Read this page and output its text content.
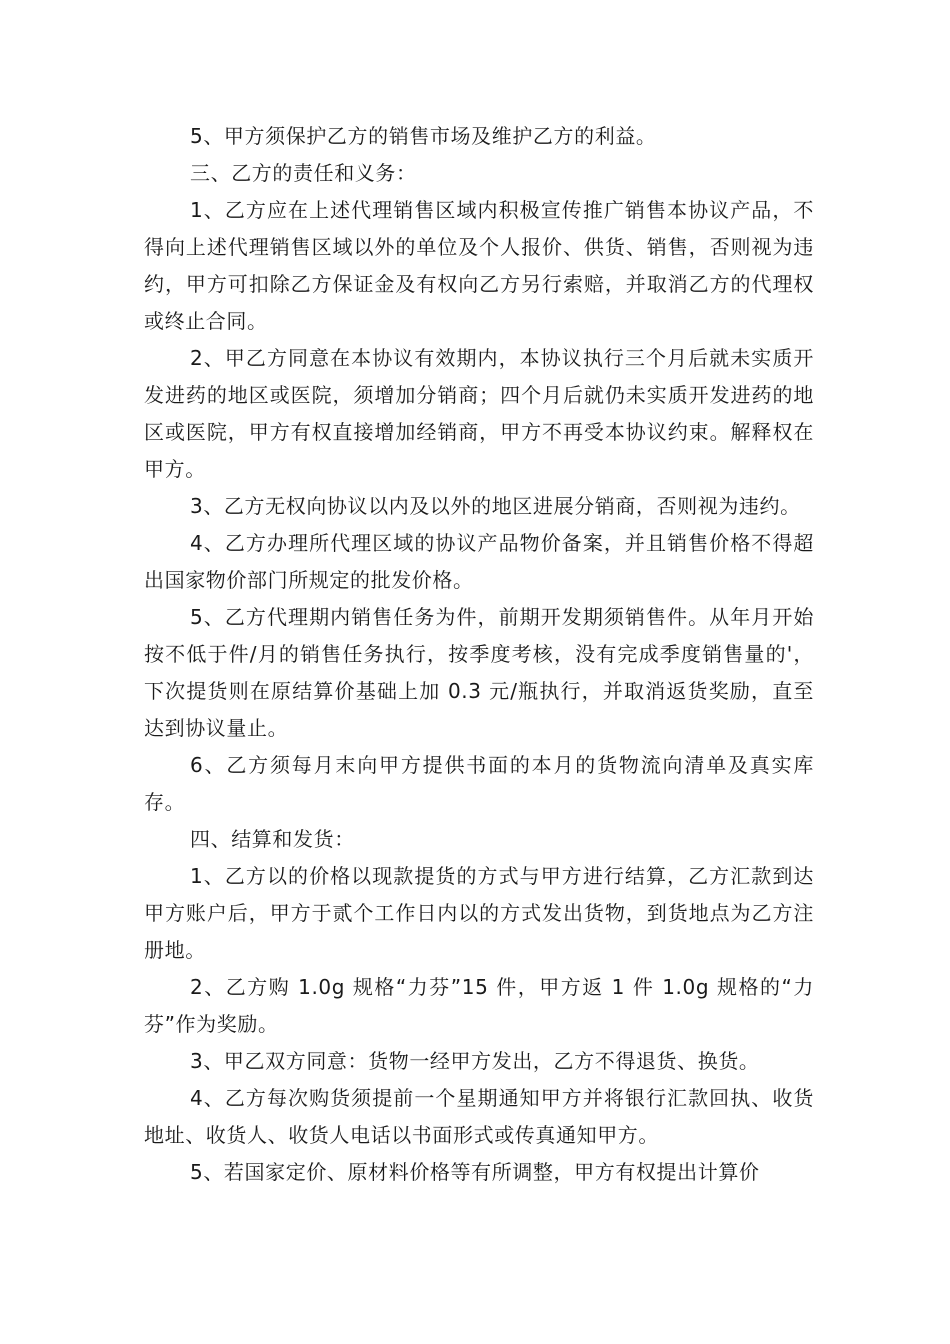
5、甲方须保护乙方的销售市场及维护乙方的利益。

三、乙方的责任和义务：

1、乙方应在上述代理销售区域内积极宣传推广销售本协议产品，不得向上述代理销售区域以外的单位及个人报价、供货、销售，否则视为违约，甲方可扣除乙方保证金及有权向乙方另行索赔，并取消乙方的代理权或终止合同。

2、甲乙方同意在本协议有效期内，本协议执行三个月后就未实质开发进药的地区或医院，须增加分销商；四个月后就仍未实质开发进药的地区或医院，甲方有权直接增加经销商，甲方不再受本协议约束。解释权在甲方。

3、乙方无权向协议以内及以外的地区进展分销商，否则视为违约。

4、乙方办理所代理区域的协议产品物价备案，并且销售价格不得超出国家物价部门所规定的批发价格。

5、乙方代理期内销售任务为件，前期开发期须销售件。从年月开始按不低于件/月的销售任务执行，按季度考核，没有完成季度销售量的'，下次提货则在原结算价基础上加 0.3 元/瓶执行，并取消返货奖励，直至达到协议量止。

6、乙方须每月末向甲方提供书面的本月的货物流向清单及真实库存。

四、结算和发货：

1、乙方以的价格以现款提货的方式与甲方进行结算，乙方汇款到达甲方账户后，甲方于贰个工作日内以的方式发出货物，到货地点为乙方注册地。

2、乙方购 1.0g 规格“力芬”15 件，甲方返 1 件 1.0g 规格的“力芬”作为奖励。

3、甲乙双方同意：货物一经甲方发出，乙方不得退货、换货。

4、乙方每次购货须提前一个星期通知甲方并将银行汇款回执、收货地址、收货人、收货人电话以书面形式或传真通知甲方。

5、若国家定价、原材料价格等有所调整，甲方有权提出计算价
